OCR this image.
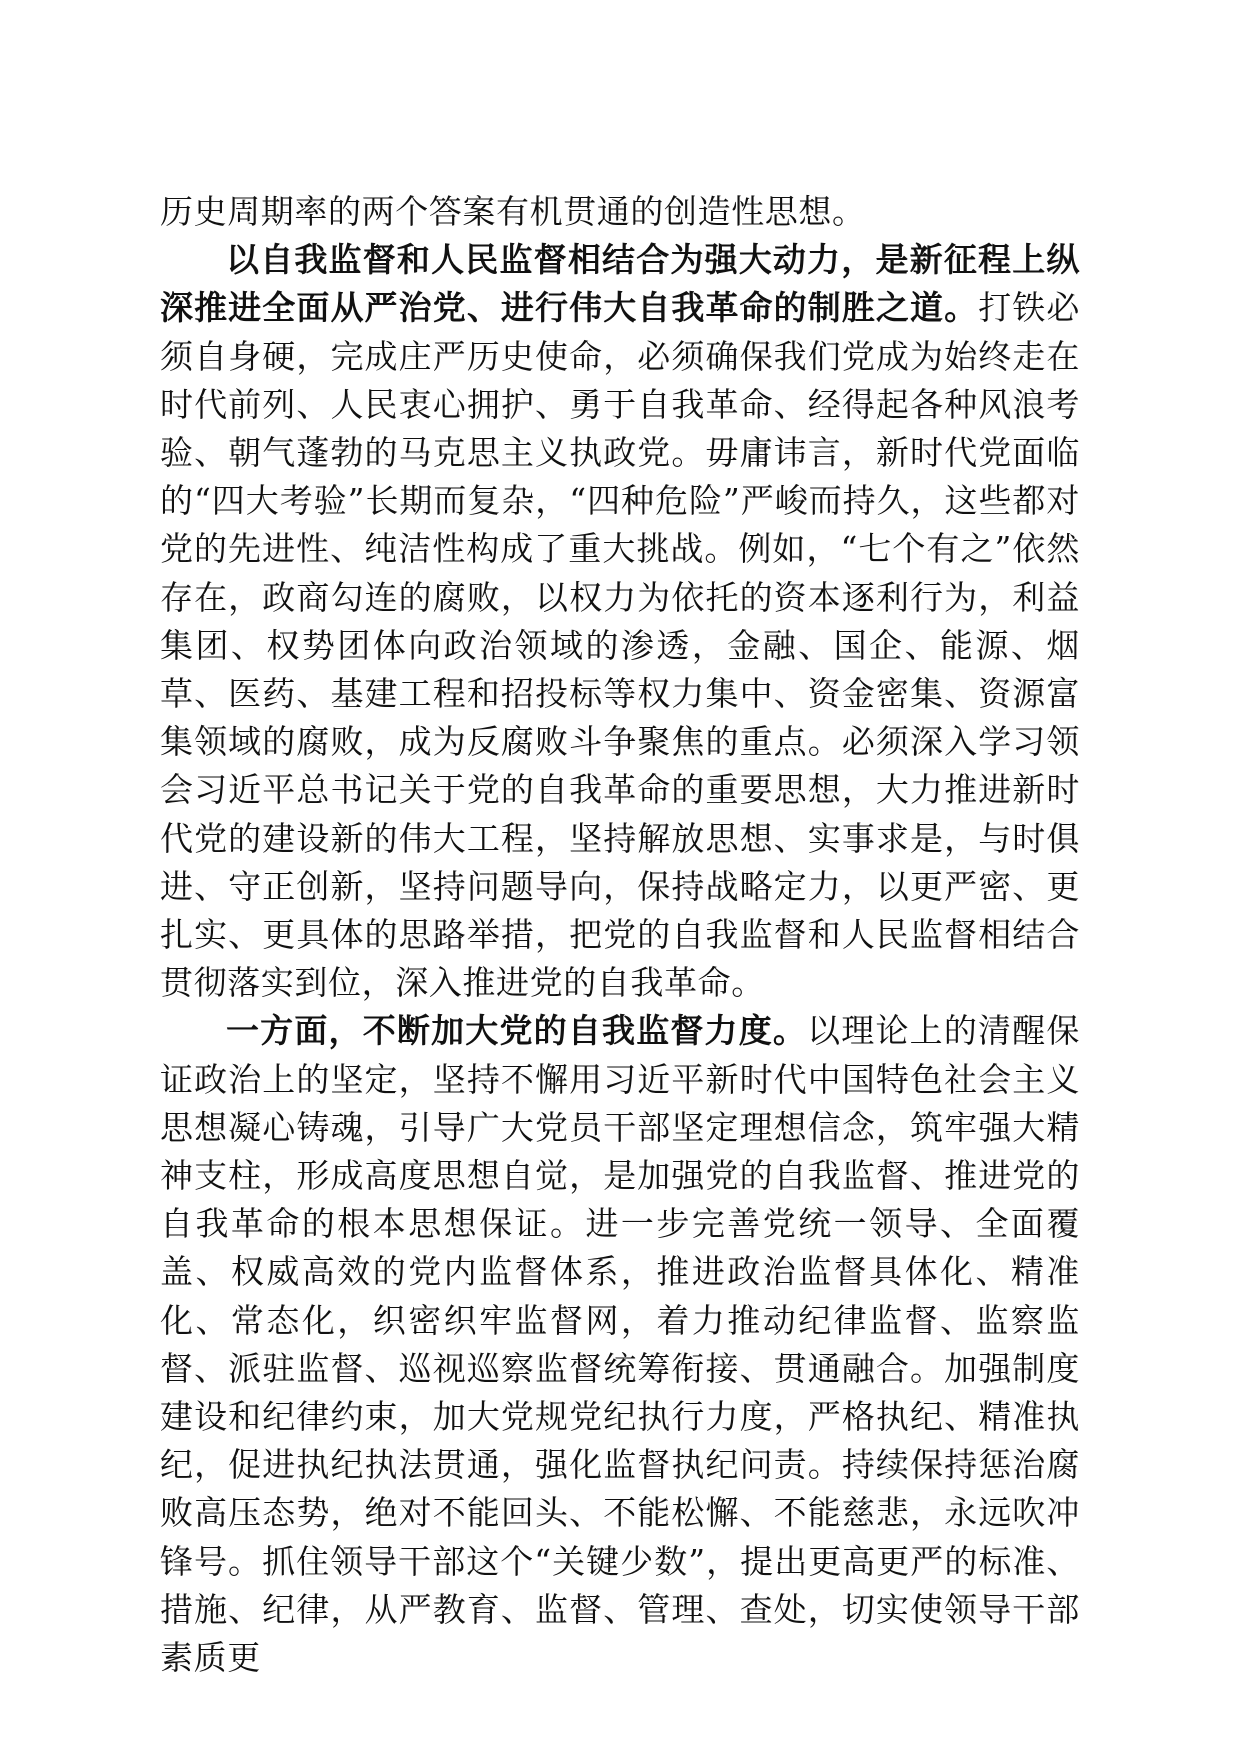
历史周期率的两个答案有机贯通的创造性思想。

以自我监督和人民监督相结合为强大动力，是新征程上纵深推进全面从严治党、进行伟大自我革命的制胜之道。打铁必须自身硬，完成庄严历史使命，必须确保我们党成为始终走在时代前列、人民衷心拥护、勇于自我革命、经得起各种风浪考验、朝气蓬勃的马克思主义执政党。毋庸讳言，新时代党面临的“四大考验”长期而复杂，“四种危险”严峻而持久，这些都对党的先进性、纯洁性构成了重大挑战。例如，“七个有之”依然存在，政商勾连的腐败，以权力为依托的资本逐利行为，利益集团、权势团体向政治领域的渗透，金融、国企、能源、烟草、医药、基建工程和招投标等权力集中、资金密集、资源富集领域的腐败，成为反腐败斗争聚焦的重点。必须深入学习领会习近平总书记关于党的自我革命的重要思想，大力推进新时代党的建设新的伟大工程，坚持解放思想、实事求是，与时俱进、守正创新，坚持问题导向，保持战略定力，以更严密、更扎实、更具体的思路举措，把党的自我监督和人民监督相结合贯彻落实到位，深入推进党的自我革命。

一方面，不断加大党的自我监督力度。以理论上的清醒保证政治上的坚定，坚持不懈用习近平新时代中国特色社会主义思想凝心铸魂，引导广大党员干部坚定理想信念，筑牢强大精神支柱，形成高度思想自觉，是加强党的自我监督、推进党的自我革命的根本思想保证。进一步完善党统一领导、全面覆盖、权威高效的党内监督体系，推进政治监督具体化、精准化、常态化，织密织牢监督网，着力推动纪律监督、监察监督、派驻监督、巡视巡察监督统筹衔接、贯通融合。加强制度建设和纪律约束，加大党规党纪执行力度，严格执纪、精准执纪，促进执纪执法贯通，强化监督执纪问责。持续保持惩治腐败高压态势，绝对不能回头、不能松懈、不能慈悲，永远吹冲锋号。抓住领导干部这个“关键少数”，提出更高更严的标准、措施、纪律，从严教育、监督、管理、查处，切实使领导干部素质更
